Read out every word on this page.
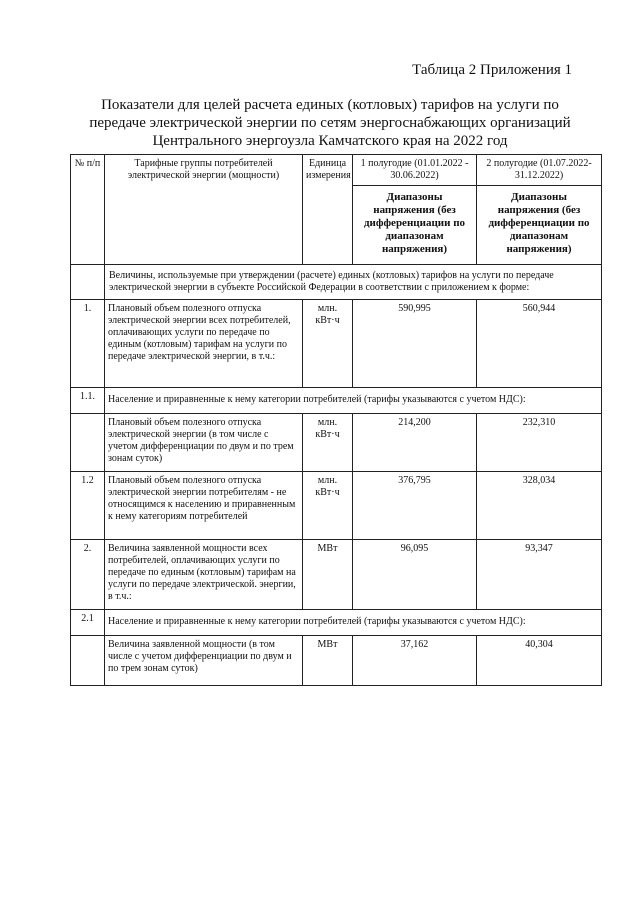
Таблица 2 Приложения 1
Показатели для целей расчета единых (котловых) тарифов на услуги по
передаче электрической энергии по сетям энергоснабжающих организаций
Центрального энергоузла Камчатского края на 2022 год
№ п/п	Тарифные группы потребителей электрической энергии (мощности)	Единица измерения	1 полугодие (01.01.2022 - 30.06.2022)	2 полугодие (01.07.2022- 31.12.2022)
			Диапазоны напряжения (без дифференциации по диапазонам напряжения)	Диапазоны напряжения (без дифференциации по диапазонам напряжения)
	Величины, используемые при утверждении (расчете) единых (котловых) тарифов на услуги по передаче электрической энергии в субъекте Российской Федерации в соответствии с приложением к форме:			
1.	Плановый объем полезного отпуска электрической энергии всех потребителей, оплачивающих услуги по передаче по единым (котловым) тарифам на услуги по передаче электрической энергии, в т.ч.:	млн. кВт·ч	590,995	560,944
1.1.	Население и приравненные к нему категории потребителей (тарифы указываются с учетом НДС):			
	Плановый объем полезного отпуска электрической энергии (в том числе с учетом дифференциации по двум и по трем зонам суток)	млн. кВт·ч	214,200	232,310
1.2	Плановый объем полезного отпуска электрической энергии потребителям - не относящимся к населению и приравненным к нему категориям потребителей	млн. кВт·ч	376,795	328,034
2.	Величина заявленной мощности всех потребителей, оплачивающих услуги по передаче по единым (котловым) тарифам на услуги по передаче электрической. энергии, в т.ч.:	МВт	96,095	93,347
2.1	Население и приравненные к нему категории потребителей (тарифы указываются с учетом НДС):			
	Величина заявленной мощности (в том числе с учетом дифференциации по двум и по трем зонам суток)	МВт	37,162	40,304
